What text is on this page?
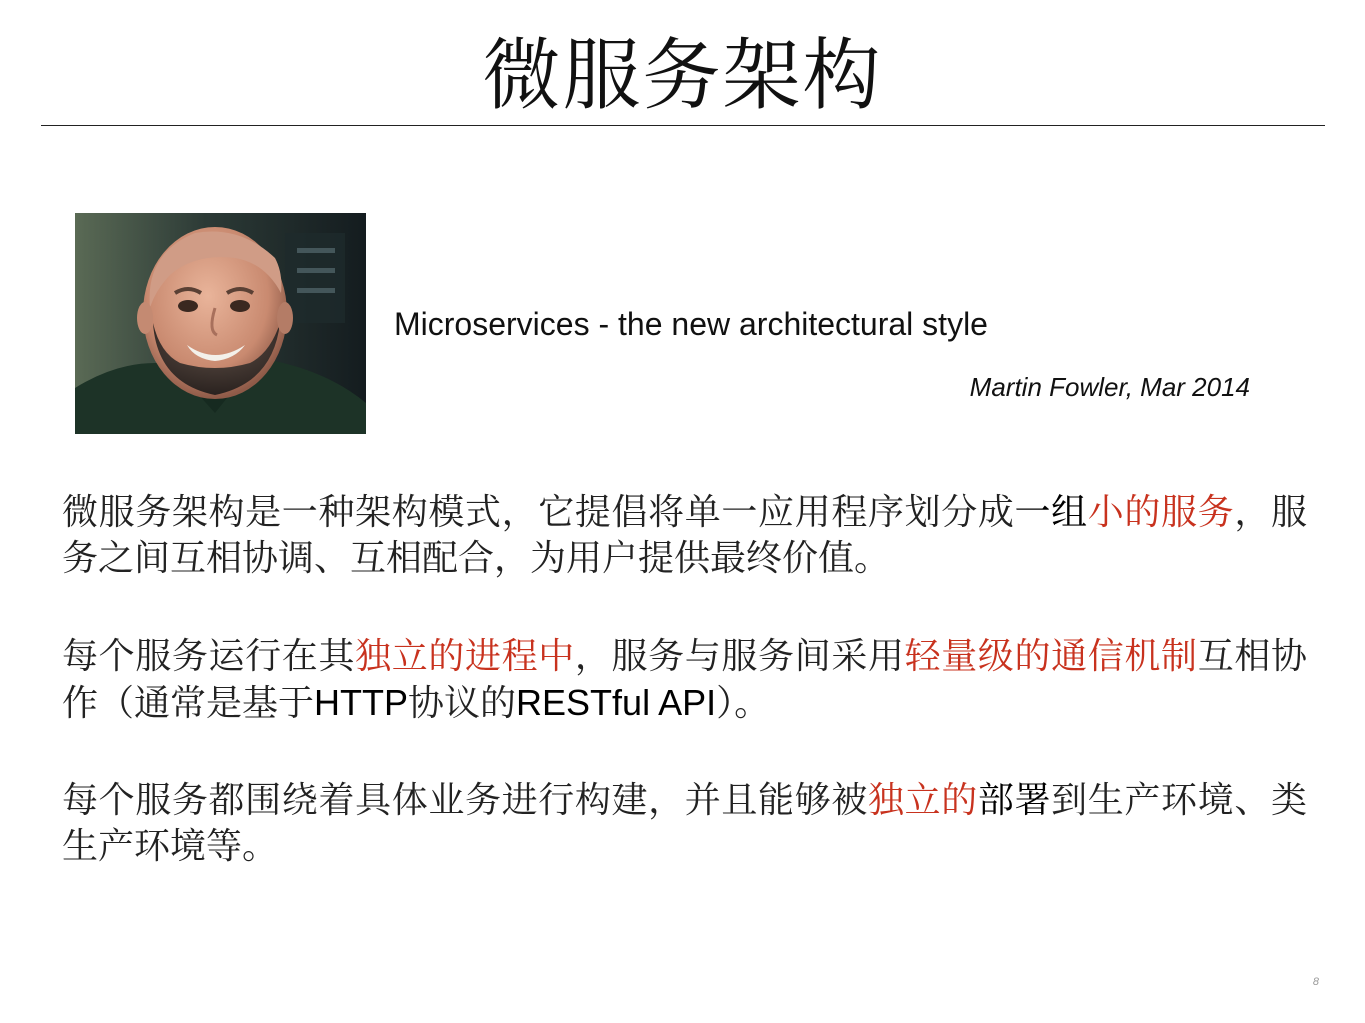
微服务架构
Microservices - the new architectural style
Martin Fowler, Mar 2014

微服务架构是一种架构模式，它提倡将单一应用程序划分成一组小的服务，服务之间互相协调、互相配合，为用户提供最终价值。

每个服务运行在其独立的进程中，服务与服务间采用轻量级的通信机制互相协作（通常是基于HTTP协议的RESTful API）。

每个服务都围绕着具体业务进行构建，并且能够被独立的部署到生产环境、类生产环境等。

8
